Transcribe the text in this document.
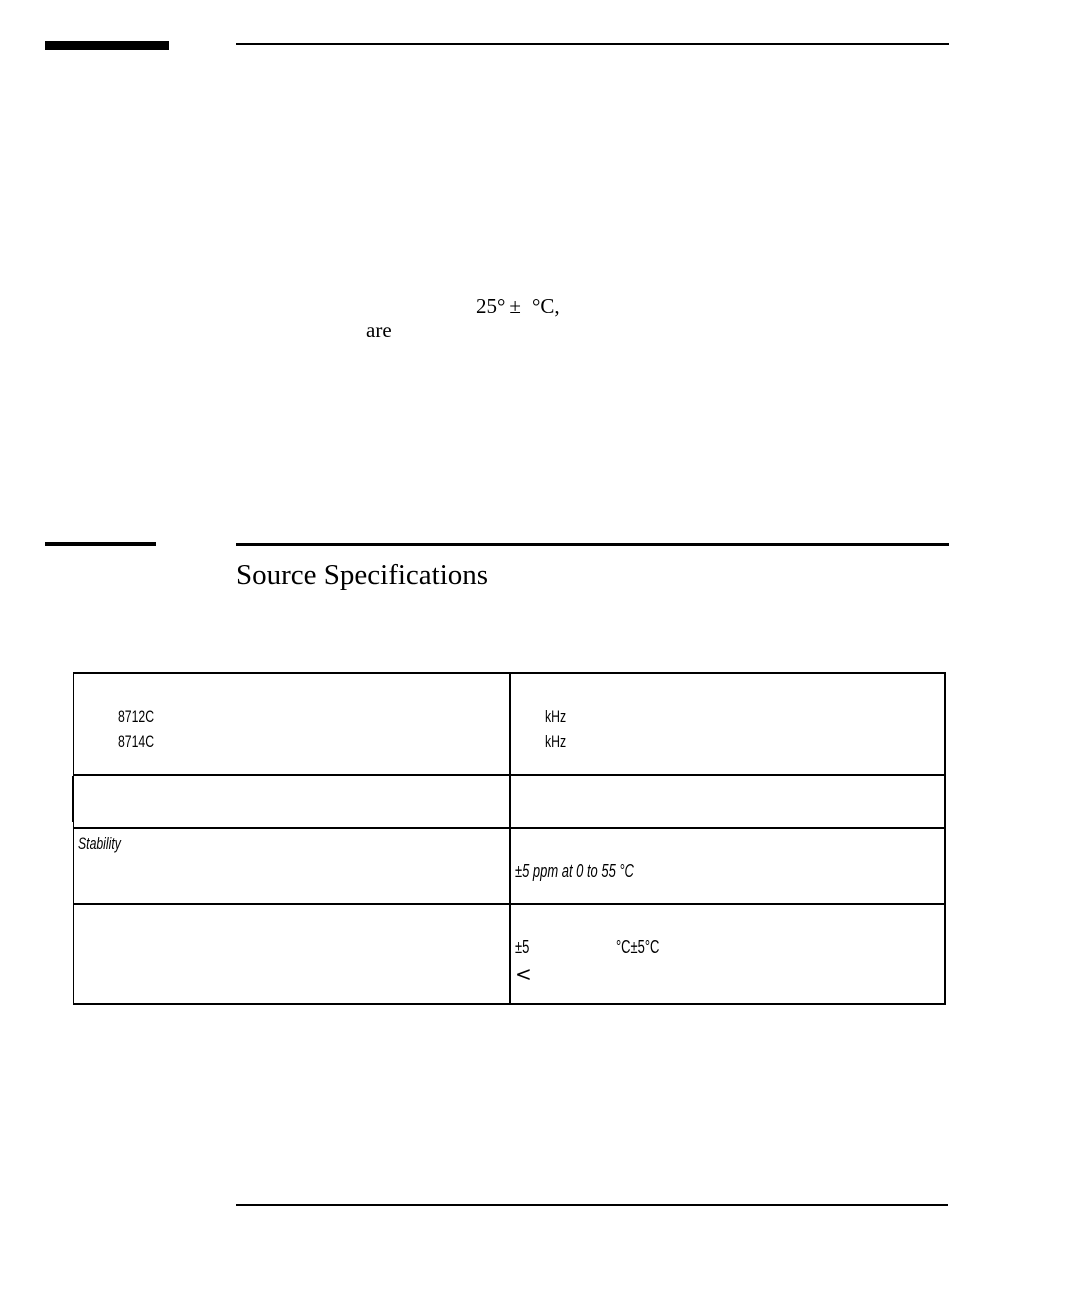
25° ± °C,
are
Source Specifications
8712C
8714C
kHz
kHz
Stability
±5 ppm at 0 to 55 °C
±5	°C±5°C
<
